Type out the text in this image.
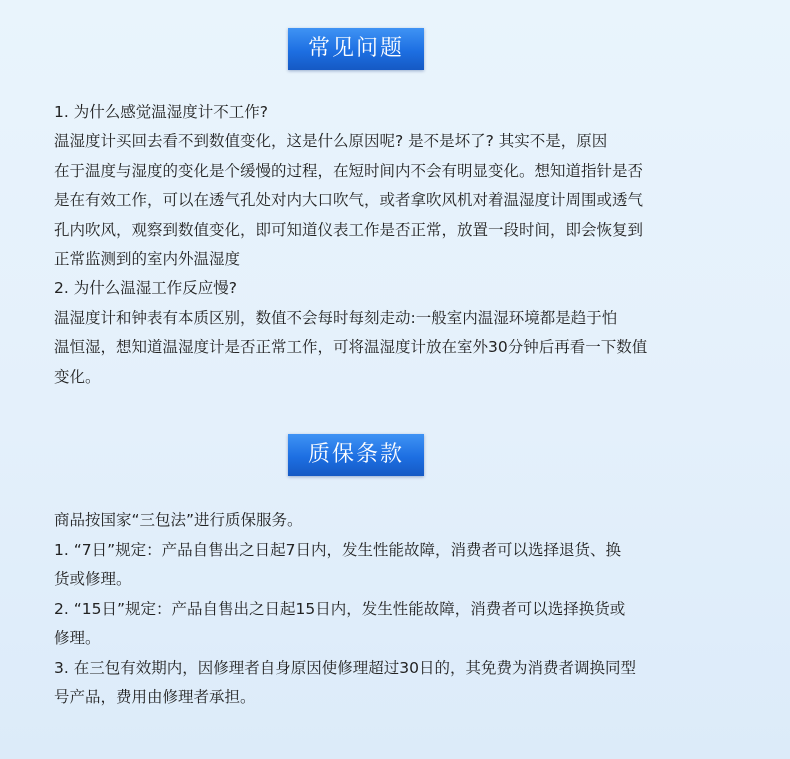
常见问题
1. 为什么感觉温湿度计不工作?
温湿度计买回去看不到数值变化，这是什么原因呢? 是不是坏了? 其实不是，原因
在于温度与湿度的变化是个缓慢的过程，在短时间内不会有明显变化。想知道指针是否
是在有效工作，可以在透气孔处对内大口吹气，或者拿吹风机对着温湿度计周围或透气
孔内吹风，观察到数值变化，即可知道仪表工作是否正常，放置一段时间，即会恢复到
正常监测到的室内外温湿度
2. 为什么温湿工作反应慢?
温湿度计和钟表有本质区别，数值不会每时每刻走动:一般室内温湿环境都是趋于怕
温恒湿，想知道温湿度计是否正常工作，可将温湿度计放在室外30分钟后再看一下数值
变化。
质保条款
商品按国家“三包法”进行质保服务。
1. “7日”规定：产品自售出之日起7日内，发生性能故障，消费者可以选择退货、换
货或修理。
2. “15日”规定：产品自售出之日起15日内，发生性能故障，消费者可以选择换货或
修理。
3. 在三包有效期内，因修理者自身原因使修理超过30日的，其免费为消费者调换同型
号产品，费用由修理者承担。
